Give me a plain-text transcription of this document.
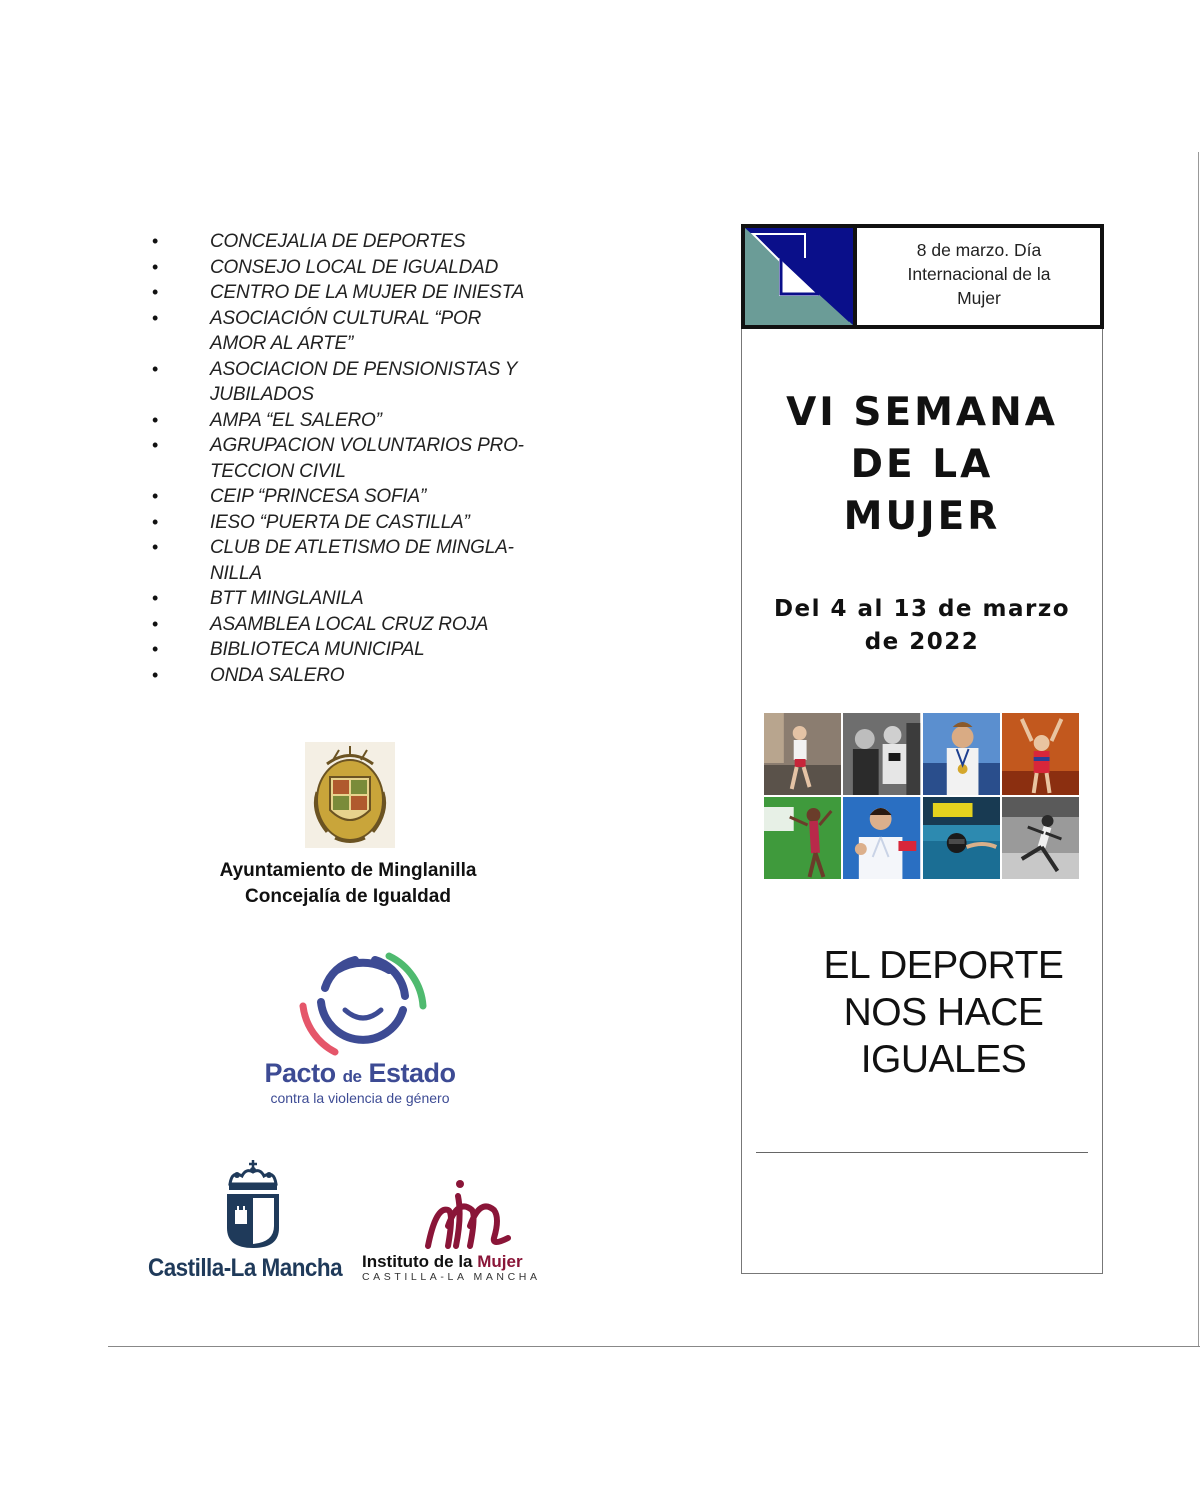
• CONCEJALIA DE DEPORTES
• CONSEJO LOCAL DE IGUALDAD
• CENTRO DE LA MUJER DE INIESTA
• ASOCIACIÓN CULTURAL “POR
AMOR AL ARTE”
• ASOCIACION DE PENSIONISTAS Y
JUBILADOS
• AMPA “EL SALERO”
• AGRUPACION VOLUNTARIOS PRO-
TECCION CIVIL
• CEIP “PRINCESA SOFIA”
• IESO “PUERTA DE CASTILLA”
• CLUB DE ATLETISMO DE MINGLA-
NILLA
• BTT MINGLANILA
• ASAMBLEA LOCAL CRUZ ROJA
• BIBLIOTECA MUNICIPAL
• ONDA SALERO
Ayuntamiento de Minglanilla
Concejalía de Igualdad
Pacto de Estado
contra la violencia de género
Castilla-La Mancha Instituto de la Mujer
CASTILLA-LA MANCHA
8 de marzo. Día
Internacional de la
Mujer
VI SEMANA
DE LA
MUJER
Del 4 al 13 de marzo
de 2022
EL DEPORTE
NOS HACE
IGUALES
